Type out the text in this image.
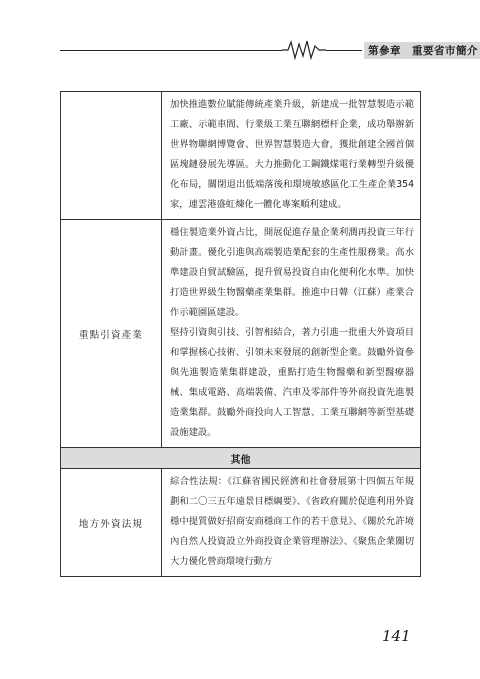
第參章　重要省市簡介

	加快推進數位賦能傳統產業升級，新建成一批智慧製造示範工廠、示範車間、行業級工業互聯網標杆企業，成功舉辦新世界物聯網博覽會、世界智慧製造大會，獲批創建全國首個區塊鏈發展先導區。大力推動化工鋼鐵煤電行業轉型升級優化布局，關閉退出低端落後和環境敏感區化工生產企業354家，連雲港盛虹煉化一體化專案順利建成。

重點引資產業	穩住製造業外資占比，開展促進存量企業利潤再投資三年行動計畫。優化引進與高端製造業配套的生產性服務業。高水準建設自貿試驗區，提升貿易投資自由化便利化水準。加快打造世界級生物醫藥產業集群。推進中日韓（江蘇）產業合作示範園區建設。

堅持引資與引技、引智相結合，著力引進一批重大外資項目和掌握核心技術、引領未來發展的創新型企業。鼓勵外資參與先進製造業集群建設，重點打造生物醫藥和新型醫療器械、集成電路、高端裝備、汽車及零部件等外商投資先進製造業集群。鼓勵外商投向人工智慧、工業互聯網等新型基礎設施建設。

其他	
地方外資法規	綜合性法規：《江蘇省國民經濟和社會發展第十四個五年規劃和二〇三五年遠景目標綱要》、《省政府關於促進利用外資穩中提質做好招商安商穩商工作的若干意見》、《關於允許境內自然人投資設立外商投資企業管理辦法》、《聚焦企業關切大力優化營商環境行動方

141
